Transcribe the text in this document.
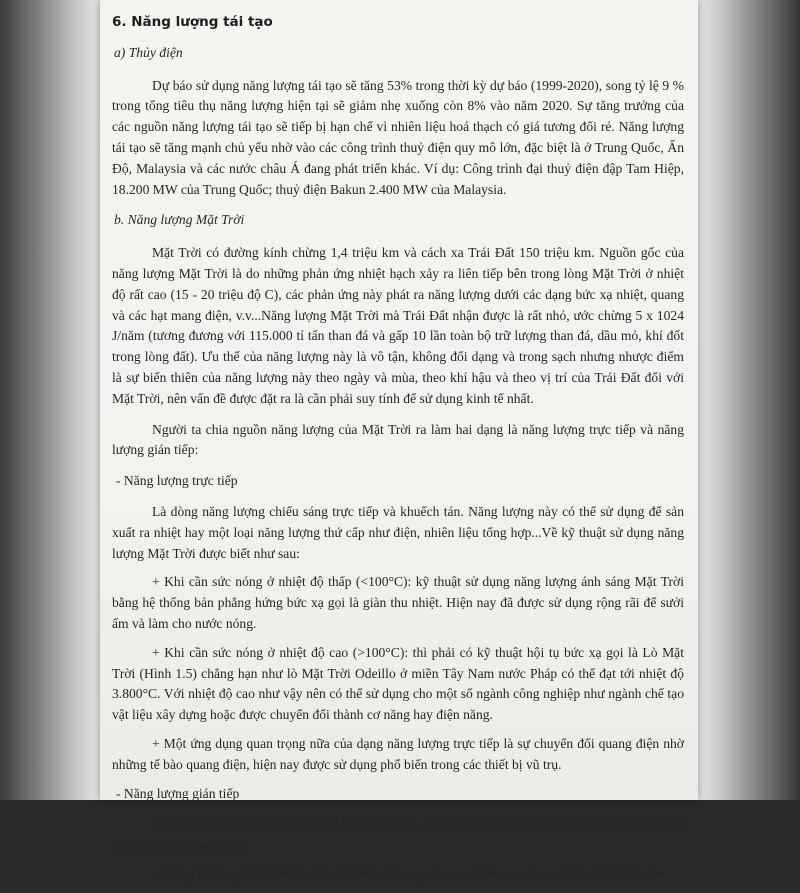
6. Năng lượng tái tạo

a) Thủy điện

Dự báo sử dụng năng lượng tái tạo sẽ tăng 53% trong thời kỳ dự báo (1999-2020), song tỷ lệ 9 % trong tổng tiêu thụ năng lượng hiện tại sẽ giảm nhẹ xuống còn 8% vào năm 2020. Sự tăng trưởng của các nguồn năng lượng tái tạo sẽ tiếp bị hạn chế vì nhiên liệu hoá thạch có giá tương đối rẻ. Năng lượng tái tạo sẽ tăng mạnh chủ yếu nhờ vào các công trình thuỷ điện quy mô lớn, đặc biệt là ở Trung Quốc, Ấn Độ, Malaysia và các nước châu Á đang phát triển khác. Ví dụ: Công trình đại thuỷ điện đập Tam Hiệp, 18.200 MW của Trung Quốc; thuỷ điện Bakun 2.400 MW của Malaysia.

b. Năng lượng Mặt Trời

Mặt Trời có đường kính chừng 1,4 triệu km và cách xa Trái Đất 150 triệu km. Nguồn gốc của năng lượng Mặt Trời là do những phản ứng nhiệt hạch xảy ra liên tiếp bên trong lòng Mặt Trời ở nhiệt độ rất cao (15 - 20 triệu độ C), các phản ứng này phát ra năng lượng dưới các dạng bức xạ nhiệt, quang và các hạt mang điện, v.v...Năng lượng Mặt Trời mà Trái Đất nhận được là rất nhỏ, ước chừng 5 x 1024 J/năm (tương đương với 115.000 tỉ tấn than đá và gấp 10 lần toàn bộ trữ lượng than đá, dầu mỏ, khí đốt trong lòng đất). Ưu thế của năng lượng này là vô tận, không đổi dạng và trong sạch nhưng nhược điểm là sự biến thiên của năng lượng này theo ngày và mùa, theo khí hậu và theo vị trí của Trái Đất đối với Mặt Trời, nên vấn đề được đặt ra là cần phải suy tính để sử dụng kinh tế nhất.

Người ta chia nguồn năng lượng của Mặt Trời ra làm hai dạng là năng lượng trực tiếp và năng lượng gián tiếp:

- Năng lượng trực tiếp

Là dòng năng lượng chiếu sáng trực tiếp và khuếch tán. Năng lượng này có thể sử dụng để sản xuất ra nhiệt hay một loại năng lượng thứ cấp như điện, nhiên liệu tổng hợp...Về kỹ thuật sử dụng năng lượng Mặt Trời được biết như sau:

+ Khi cần sức nóng ở nhiệt độ thấp (<100°C): kỹ thuật sử dụng năng lượng ánh sáng Mặt Trời bằng hệ thống bản phẳng hứng bức xạ gọi là giàn thu nhiệt. Hiện nay đã được sử dụng rộng rãi để sưởi ấm và làm cho nước nóng.

+ Khi cần sức nóng ở nhiệt độ cao (>100°C): thì phải có kỹ thuật hội tụ bức xạ gọi là Lò Mặt Trời (Hình 1.5) chẳng hạn như lò Mặt Trời Odeillo ở miền Tây Nam nước Pháp có thể đạt tới nhiệt độ 3.800°C. Với nhiệt độ cao như vậy nên có thể sử dụng cho một số ngành công nghiệp như ngành chế tạo vật liệu xây dựng hoặc được chuyển đổi thành cơ năng hay điện năng.

+ Một ứng dụng quan trọng nữa của dạng năng lượng trực tiếp là sự chuyển đổi quang điện nhờ những tế bào quang điện, hiện nay được sử dụng phổ biến trong các thiết bị vũ trụ.

- Năng lượng gián tiếp

Năng lượng gián tiếp của bức xạ Mặt Trời là gió, sóng biển, thủy triều và chuyển đổi năng lượng sinh học (bioconversion).

+ Năng lượng gió: Người Ai Cập đã biết sử dụng cối xay gió trong nông nghiệp từ 3.000 năm
